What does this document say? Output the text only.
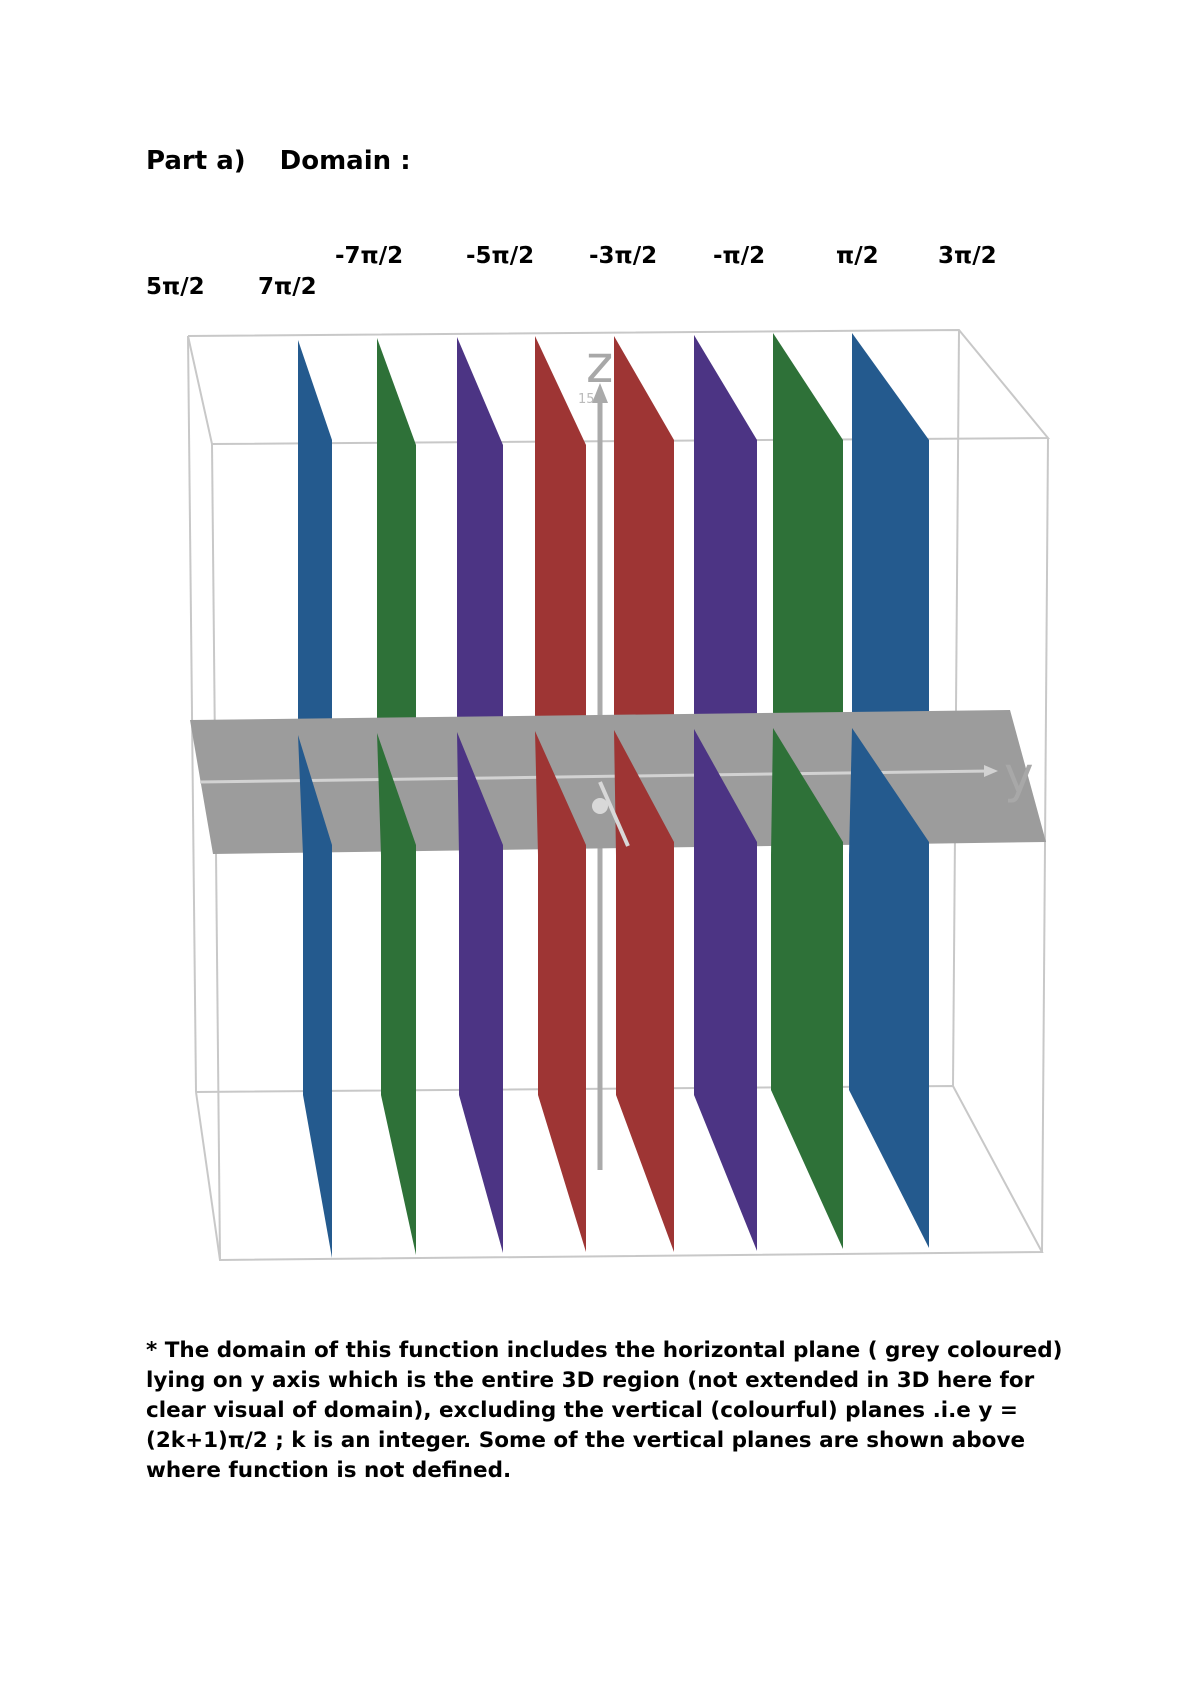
Part a) Domain :
-7π/2	-5π/2 -3π/2 -π/2	π/2	3π/2
5π/2 7π/2
z
15
y
* The domain of this function includes the horizontal plane ( grey coloured) lying on y axis which is the entire 3D region (not extended in 3D here for clear visual of domain), excluding the vertical (colourful) planes .i.e y = (2k+1)π/2 ; k is an integer. Some of the vertical planes are shown above where function is not defined.
